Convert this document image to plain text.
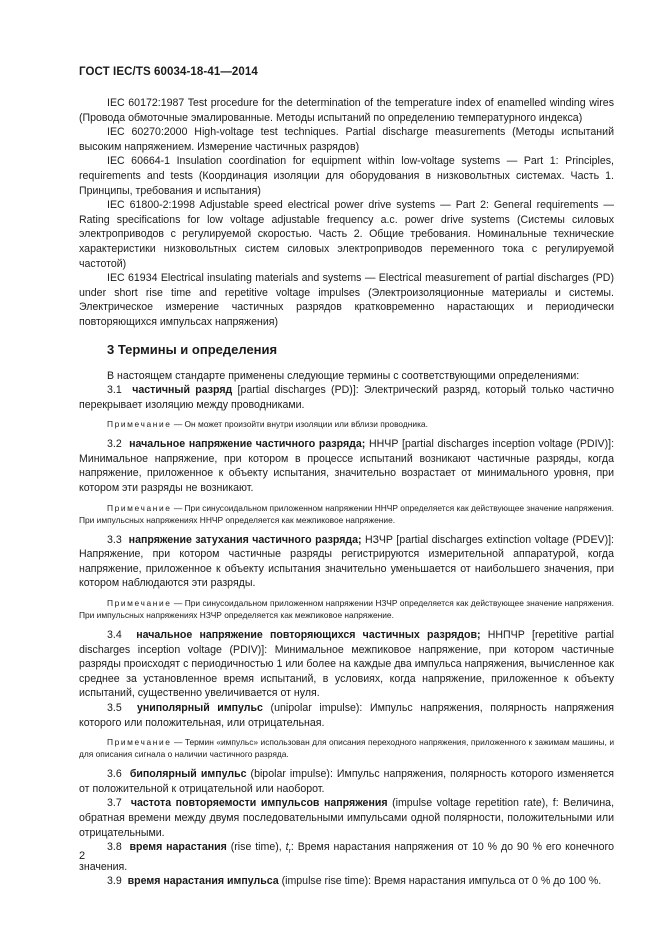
ГОСТ IEC/TS 60034-18-41—2014

IEC 60172:1987 Test procedure for the determination of the temperature index of enamelled winding wires (Провода обмоточные эмалированные. Методы испытаний по определению температурного индекса)

IEC 60270:2000 High-voltage test techniques. Partial discharge measurements (Методы испытаний высоким напряжением. Измерение частичных разрядов)

IEC 60664-1 Insulation coordination for equipment within low-voltage systems — Part 1: Principles, requirements and tests (Координация изоляции для оборудования в низковольтных системах. Часть 1. Принципы, требования и испытания)

IEC 61800-2:1998 Adjustable speed electrical power drive systems — Part 2: General requirements — Rating specifications for low voltage adjustable frequency a.c. power drive systems (Системы силовых электроприводов с регулируемой скоростью. Часть 2. Общие требования. Номинальные технические характеристики низковольтных систем силовых электроприводов переменного тока с регулируемой частотой)

IEC 61934 Electrical insulating materials and systems — Electrical measurement of partial discharges (PD) under short rise time and repetitive voltage impulses (Электроизоляционные материалы и системы. Электрическое измерение частичных разрядов кратковременно нарастающих и периодически повторяющихся импульсах напряжения)

3 Термины и определения

В настоящем стандарте применены следующие термины с соответствующими определениями:

3.1 частичный разряд [partial discharges (PD)]: Электрический разряд, который только частично перекрывает изоляцию между проводниками.

Примечание — Он может произойти внутри изоляции или вблизи проводника.

3.2 начальное напряжение частичного разряда; ННЧР [partial discharges inception voltage (PDIV)]: Минимальное напряжение, при котором в процессе испытаний возникают частичные разряды, когда напряжение, приложенное к объекту испытания, значительно возрастает от минимального уровня, при котором эти разряды не возникают.

Примечание — При синусоидальном приложенном напряжении ННЧР определяется как действующее значение напряжения. При импульсных напряжениях ННЧР определяется как межпиковое напряжение.

3.3 напряжение затухания частичного разряда; НЗЧР [partial discharges extinction voltage (PDEV)]: Напряжение, при котором частичные разряды регистрируются измерительной аппаратурой, когда напряжение, приложенное к объекту испытания значительно уменьшается от наибольшего значения, при котором наблюдаются эти разряды.

Примечание — При синусоидальном приложенном напряжении НЗЧР определяется как действующее значение напряжения. При импульсных напряжениях НЗЧР определяется как межпиковое напряжение.

3.4 начальное напряжение повторяющихся частичных разрядов; ННПЧР [repetitive partial discharges inception voltage (PDIV)]: Минимальное межпиковое напряжение, при котором частичные разряды происходят с периодичностью 1 или более на каждые два импульса напряжения, вычисленное как среднее за установленное время испытаний, в условиях, когда напряжение, приложенное к объекту испытаний, существенно увеличивается от нуля.

3.5 униполярный импульс (unipolar impulse): Импульс напряжения, полярность напряжения которого или положительная, или отрицательная.

Примечание — Термин «импульс» использован для описания переходного напряжения, приложенного к зажимам машины, и для описания сигнала о наличии частичного разряда.

3.6 биполярный импульс (bipolar impulse): Импульс напряжения, полярность которого изменяется от положительной к отрицательной или наоборот.

3.7 частота повторяемости импульсов напряжения (impulse voltage repetition rate), f: Величина, обратная времени между двумя последовательными импульсами одной полярности, положительными или отрицательными.

3.8 время нарастания (rise time), $t_r$: Время нарастания напряжения от 10 % до 90 % его конечного значения.

3.9 время нарастания импульса (impulse rise time): Время нарастания импульса от 0 % до 100 %.

2
